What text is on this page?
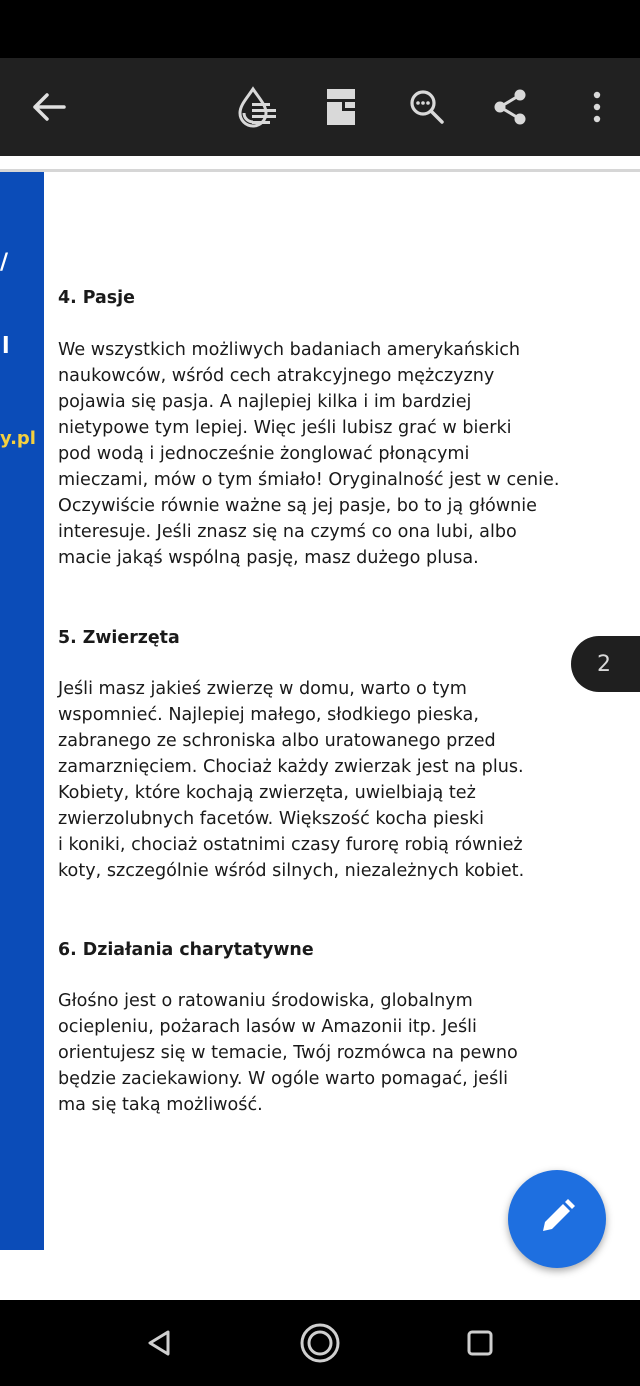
/
l
y.pl
4. Pasje
We wszystkich możliwych badaniach amerykańskich
naukowców, wśród cech atrakcyjnego mężczyzny
pojawia się pasja. A najlepiej kilka i im bardziej
nietypowe tym lepiej. Więc jeśli lubisz grać w bierki
pod wodą i jednocześnie żonglować płonącymi
mieczami, mów o tym śmiało! Oryginalność jest w cenie.
Oczywiście równie ważne są jej pasje, bo to ją głównie
interesuje. Jeśli znasz się na czymś co ona lubi, albo
macie jakąś wspólną pasję, masz dużego plusa.
5. Zwierzęta
Jeśli masz jakieś zwierzę w domu, warto o tym
wspomnieć. Najlepiej małego, słodkiego pieska,
zabranego ze schroniska albo uratowanego przed
zamarznięciem. Chociaż każdy zwierzak jest na plus.
Kobiety, które kochają zwierzęta, uwielbiają też
zwierzolubnych facetów. Większość kocha pieski
i koniki, chociaż ostatnimi czasy furorę robią również
koty, szczególnie wśród silnych, niezależnych kobiet.
6. Działania charytatywne
Głośno jest o ratowaniu środowiska, globalnym
ociepleniu, pożarach lasów w Amazonii itp. Jeśli
orientujesz się w temacie, Twój rozmówca na pewno
będzie zaciekawiony. W ogóle warto pomagać, jeśli
ma się taką możliwość.
2
